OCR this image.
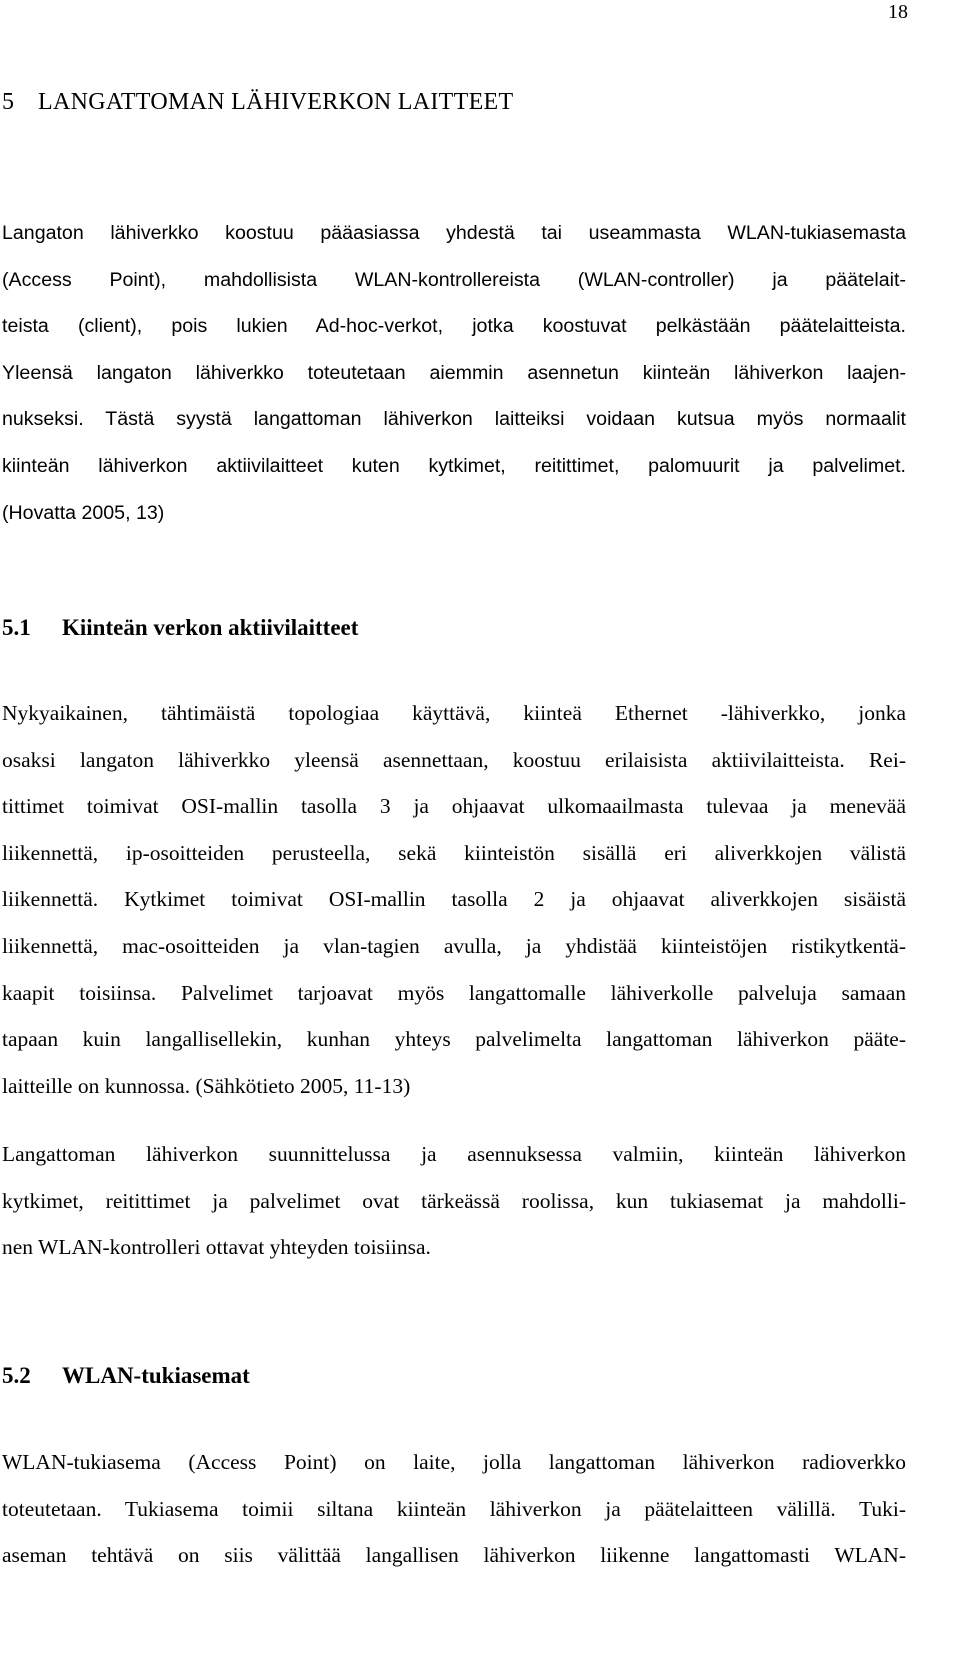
18
5 LANGATTOMAN LÄHIVERKON LAITTEET
Langaton lähiverkko koostuu pääasiassa yhdestä tai useammasta WLAN-tukiasemasta
(Access Point), mahdollisista WLAN-kontrollereista (WLAN-controller) ja päätelait-
teista (client), pois lukien Ad-hoc-verkot, jotka koostuvat pelkästään päätelaitteista.
Yleensä langaton lähiverkko toteutetaan aiemmin asennetun kiinteän lähiverkon laajen-
nukseksi. Tästä syystä langattoman lähiverkon laitteiksi voidaan kutsua myös normaalit
kiinteän lähiverkon aktiivilaitteet kuten kytkimet, reitittimet, palomuurit ja palvelimet.
(Hovatta 2005, 13)
5.1 Kiinteän verkon aktiivilaitteet
Nykyaikainen, tähtimäistä topologiaa käyttävä, kiinteä Ethernet -lähiverkko, jonka
osaksi langaton lähiverkko yleensä asennettaan, koostuu erilaisista aktiivilaitteista. Rei-
tittimet toimivat OSI-mallin tasolla 3 ja ohjaavat ulkomaailmasta tulevaa ja menevää
liikennettä, ip-osoitteiden perusteella, sekä kiinteistön sisällä eri aliverkkojen välistä
liikennettä. Kytkimet toimivat OSI-mallin tasolla 2 ja ohjaavat aliverkkojen sisäistä
liikennettä, mac-osoitteiden ja vlan-tagien avulla, ja yhdistää kiinteistöjen ristikytkentä-
kaapit toisiinsa. Palvelimet tarjoavat myös langattomalle lähiverkolle palveluja samaan
tapaan kuin langallisellekin, kunhan yhteys palvelimelta langattoman lähiverkon pääte-
laitteille on kunnossa. (Sähkötieto 2005, 11-13)
Langattoman lähiverkon suunnittelussa ja asennuksessa valmiin, kiinteän lähiverkon
kytkimet, reitittimet ja palvelimet ovat tärkeässä roolissa, kun tukiasemat ja mahdolli-
nen WLAN-kontrolleri ottavat yhteyden toisiinsa.
5.2 WLAN-tukiasemat
WLAN-tukiasema (Access Point) on laite, jolla langattoman lähiverkon radioverkko
toteutetaan. Tukiasema toimii siltana kiinteän lähiverkon ja päätelaitteen välillä. Tuki-
aseman tehtävä on siis välittää langallisen lähiverkon liikenne langattomasti WLAN-
